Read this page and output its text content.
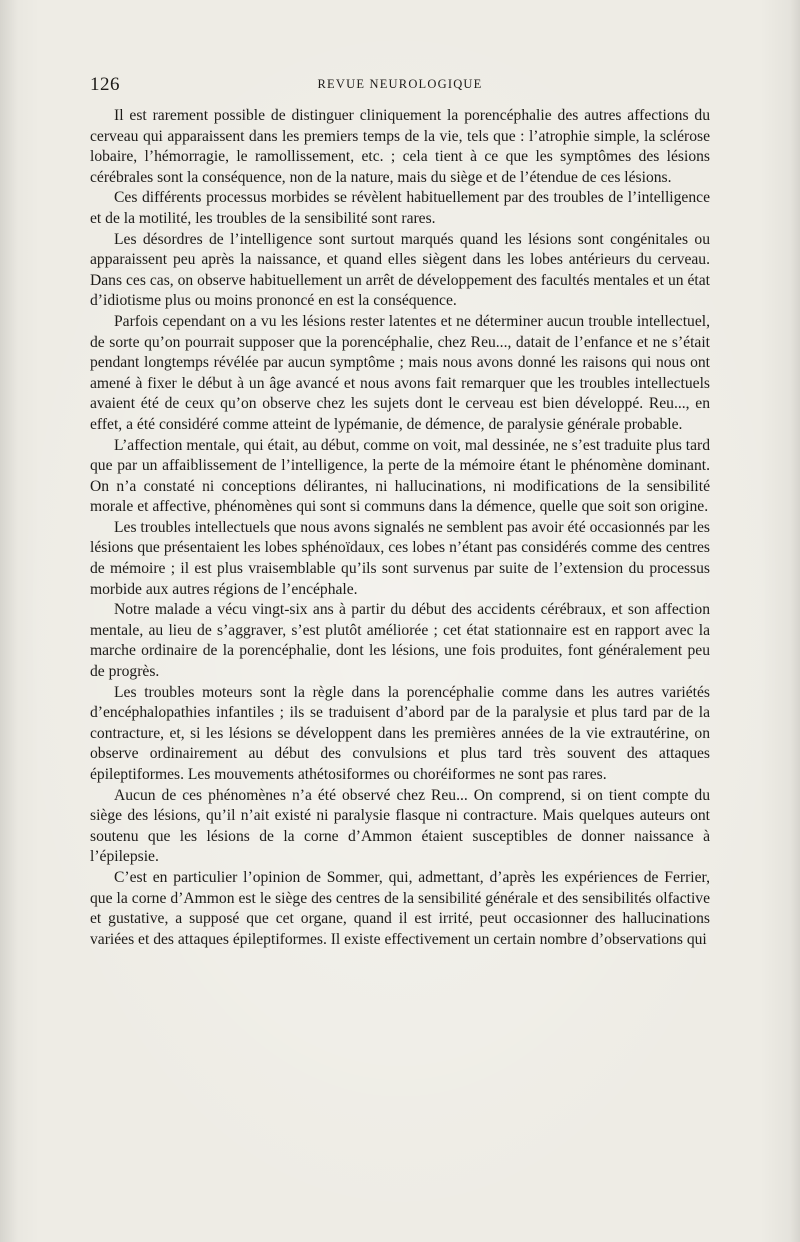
126	REVUE NEUROLOGIQUE

Il est rarement possible de distinguer cliniquement la porencéphalie des autres affections du cerveau qui apparaissent dans les premiers temps de la vie, tels que : l’atrophie simple, la sclérose lobaire, l’hémorragie, le ramollissement, etc. ; cela tient à ce que les symptômes des lésions cérébrales sont la conséquence, non de la nature, mais du siège et de l’étendue de ces lésions.

Ces différents processus morbides se révèlent habituellement par des troubles de l’intelligence et de la motilité, les troubles de la sensibilité sont rares.

Les désordres de l’intelligence sont surtout marqués quand les lésions sont congénitales ou apparaissent peu après la naissance, et quand elles siègent dans les lobes antérieurs du cerveau. Dans ces cas, on observe habituellement un arrêt de développement des facultés mentales et un état d’idiotisme plus ou moins prononcé en est la conséquence.

Parfois cependant on a vu les lésions rester latentes et ne déterminer aucun trouble intellectuel, de sorte qu’on pourrait supposer que la porencéphalie, chez Reu..., datait de l’enfance et ne s’était pendant longtemps révélée par aucun symptôme ; mais nous avons donné les raisons qui nous ont amené à fixer le début à un âge avancé et nous avons fait remarquer que les troubles intellectuels avaient été de ceux qu’on observe chez les sujets dont le cerveau est bien développé. Reu..., en effet, a été considéré comme atteint de lypémanie, de démence, de paralysie générale probable.

L’affection mentale, qui était, au début, comme on voit, mal dessinée, ne s’est traduite plus tard que par un affaiblissement de l’intelligence, la perte de la mémoire étant le phénomène dominant. On n’a constaté ni conceptions délirantes, ni hallucinations, ni modifications de la sensibilité morale et affective, phénomènes qui sont si communs dans la démence, quelle que soit son origine.

Les troubles intellectuels que nous avons signalés ne semblent pas avoir été occasionnés par les lésions que présentaient les lobes sphénoïdaux, ces lobes n’étant pas considérés comme des centres de mémoire ; il est plus vraisemblable qu’ils sont survenus par suite de l’extension du processus morbide aux autres régions de l’encéphale.

Notre malade a vécu vingt-six ans à partir du début des accidents cérébraux, et son affection mentale, au lieu de s’aggraver, s’est plutôt améliorée ; cet état stationnaire est en rapport avec la marche ordinaire de la porencéphalie, dont les lésions, une fois produites, font généralement peu de progrès.

Les troubles moteurs sont la règle dans la porencéphalie comme dans les autres variétés d’encéphalopathies infantiles ; ils se traduisent d’abord par de la paralysie et plus tard par de la contracture, et, si les lésions se développent dans les premières années de la vie extrautérine, on observe ordinairement au début des convulsions et plus tard très souvent des attaques épileptiformes. Les mouvements athétosiformes ou choréiformes ne sont pas rares.

Aucun de ces phénomènes n’a été observé chez Reu... On comprend, si on tient compte du siège des lésions, qu’il n’ait existé ni paralysie flasque ni contracture. Mais quelques auteurs ont soutenu que les lésions de la corne d’Ammon étaient susceptibles de donner naissance à l’épilepsie.

C’est en particulier l’opinion de Sommer, qui, admettant, d’après les expériences de Ferrier, que la corne d’Ammon est le siège des centres de la sensibilité générale et des sensibilités olfactive et gustative, a supposé que cet organe, quand il est irrité, peut occasionner des hallucinations variées et des attaques épileptiformes. Il existe effectivement un certain nombre d’observations qui
